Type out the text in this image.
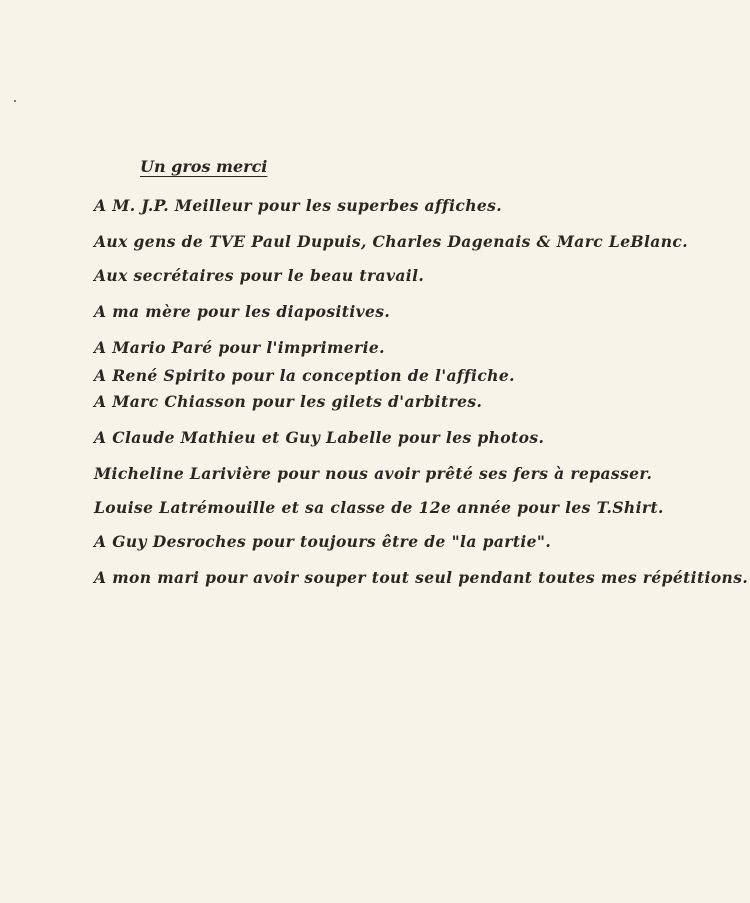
Un gros merci
A M. J.P. Meilleur pour les superbes affiches.
Aux gens de TVE Paul Dupuis, Charles Dagenais & Marc LeBlanc.
Aux secrétaires pour le beau travail.
A ma mère pour les diapositives.
A Mario Paré pour l'imprimerie.
A René Spirito pour la conception de l'affiche.
A Marc Chiasson pour les gilets d'arbitres.
A Claude Mathieu et Guy Labelle pour les photos.
Micheline Larivière pour nous avoir prêté ses fers à repasser.
Louise Latrémouille et sa classe de 12e année pour les T.Shirt.
A Guy Desroches pour toujours être de "la partie".
A mon mari pour avoir souper tout seul pendant toutes mes répétitions.
